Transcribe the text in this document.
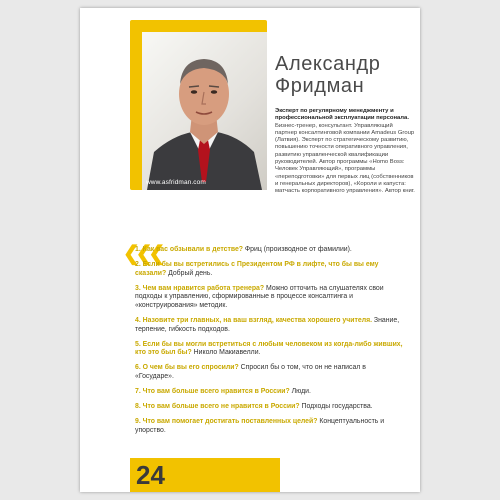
www.asfridman.com
Александр
Фридман
Эксперт по регулярному менеджменту и профессиональной эксплуатации персонала.
Бизнес-тренер, консультант. Управляющий партнер консалтинговой компании Amadeus Group (Латвия). Эксперт по стратегическому развитию, повышению точности оперативного управления, развитию управленческой квалификации руководителей. Автор программы «Homo Boss: Человек Управляющий», программы «переподготовки» для первых лиц (собственников и генеральных директоров), «Короли и капуста: матчасть корпоративного управления». Автор книг.
❮❮❮
1. Как вас обзывали в детстве? Фриц (производное от фамилии).
2. Если бы вы встретились с Президентом РФ в лифте, что бы вы ему сказали? Добрый день.
3. Чем вам нравится работа тренера? Можно отточить на слушателях свои подходы к управлению, сформированные в процессе консалтинга и «конструирования» методик.
4. Назовите три главных, на ваш взгляд, качества хорошего учителя. Знание, терпение, гибкость подходов.
5. Если бы вы могли встретиться с любым человеком из когда-либо живших, кто это был бы? Николо Макиавелли.
6. О чем бы вы его спросили? Спросил бы о том, что он не написал в «Государе».
7. Что вам больше всего нравится в России? Люди.
8. Что вам больше всего не нравится в России? Подходы государства.
9. Что вам помогает достигать поставленных целей? Концептуальность и упорство.
24
